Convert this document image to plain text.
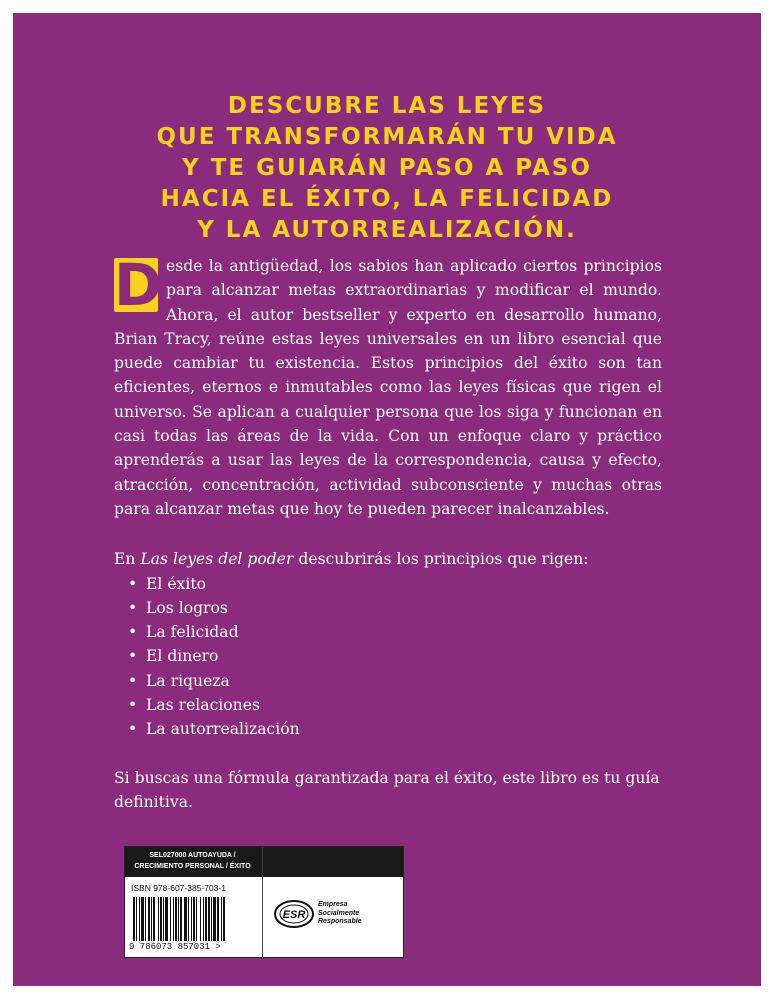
DESCUBRE LAS LEYES
QUE TRANSFORMARÁN TU VIDA
Y TE GUIARÁN PASO A PASO
HACIA EL ÉXITO, LA FELICIDAD
Y LA AUTORREALIZACIÓN.

D esde la antigüedad, los sabios han aplicado ciertos principios para alcanzar metas extraordinarias y modificar el mundo. Ahora, el autor bestseller y experto en desarrollo humano, Brian Tracy, reúne estas leyes universales en un libro esencial que puede cambiar tu existencia. Estos principios del éxito son tan eficientes, eternos e inmutables como las leyes físicas que rigen el universo. Se aplican a cualquier persona que los siga y funcionan en casi todas las áreas de la vida. Con un enfoque claro y práctico aprenderás a usar las leyes de la correspondencia, causa y efecto, atracción, concentración, actividad subconsciente y muchas otras para alcanzar metas que hoy te pueden parecer inalcanzables.

En Las leyes del poder descubrirás los principios que rigen:

• El éxito
• Los logros
• La felicidad
• El dinero
• La riqueza
• Las relaciones
• La autorrealización

Si buscas una fórmula garantizada para el éxito, este libro es tu guía definitiva.

SEL027000 AUTOAYUDA /
CRECIMIENTO PERSONAL / ÉXITO
ISBN 978-607-385-703-1
9 786073 857031 >
ESR
Empresa
Socialmente
Responsable
